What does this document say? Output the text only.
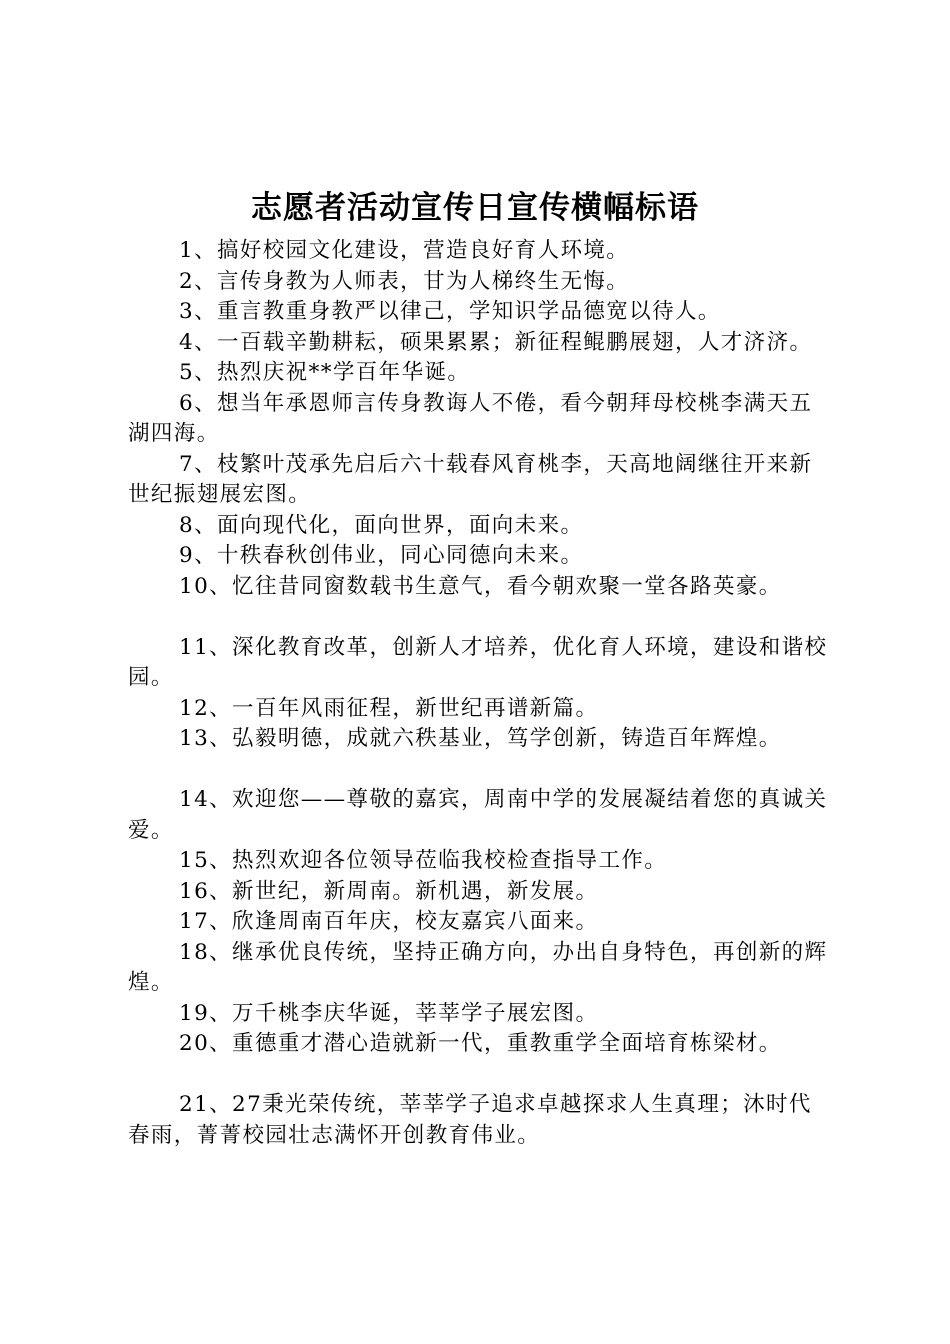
志愿者活动宣传日宣传横幅标语

1、搞好校园文化建设，营造良好育人环境。

2、言传身教为人师表，甘为人梯终生无悔。

3、重言教重身教严以律己，学知识学品德宽以待人。

4、一百载辛勤耕耘，硕果累累；新征程鲲鹏展翅，人才济济。

5、热烈庆祝**学百年华诞。

6、想当年承恩师言传身教诲人不倦，看今朝拜母校桃李满天五湖四海。

7、枝繁叶茂承先启后六十载春风育桃李，天高地阔继往开来新世纪振翅展宏图。

8、面向现代化，面向世界，面向未来。

9、十秩春秋创伟业，同心同德向未来。

10、忆往昔同窗数载书生意气，看今朝欢聚一堂各路英豪。

11、深化教育改革，创新人才培养，优化育人环境，建设和谐校园。

12、一百年风雨征程，新世纪再谱新篇。

13、弘毅明德，成就六秩基业，笃学创新，铸造百年辉煌。

14、欢迎您——尊敬的嘉宾，周南中学的发展凝结着您的真诚关爱。

15、热烈欢迎各位领导莅临我校检查指导工作。

16、新世纪，新周南。新机遇，新发展。

17、欣逢周南百年庆，校友嘉宾八面来。

18、继承优良传统，坚持正确方向，办出自身特色，再创新的辉煌。

19、万千桃李庆华诞，莘莘学子展宏图。

20、重德重才潜心造就新一代，重教重学全面培育栋梁材。

21、27秉光荣传统，莘莘学子追求卓越探求人生真理；沐时代春雨，菁菁校园壮志满怀开创教育伟业。
